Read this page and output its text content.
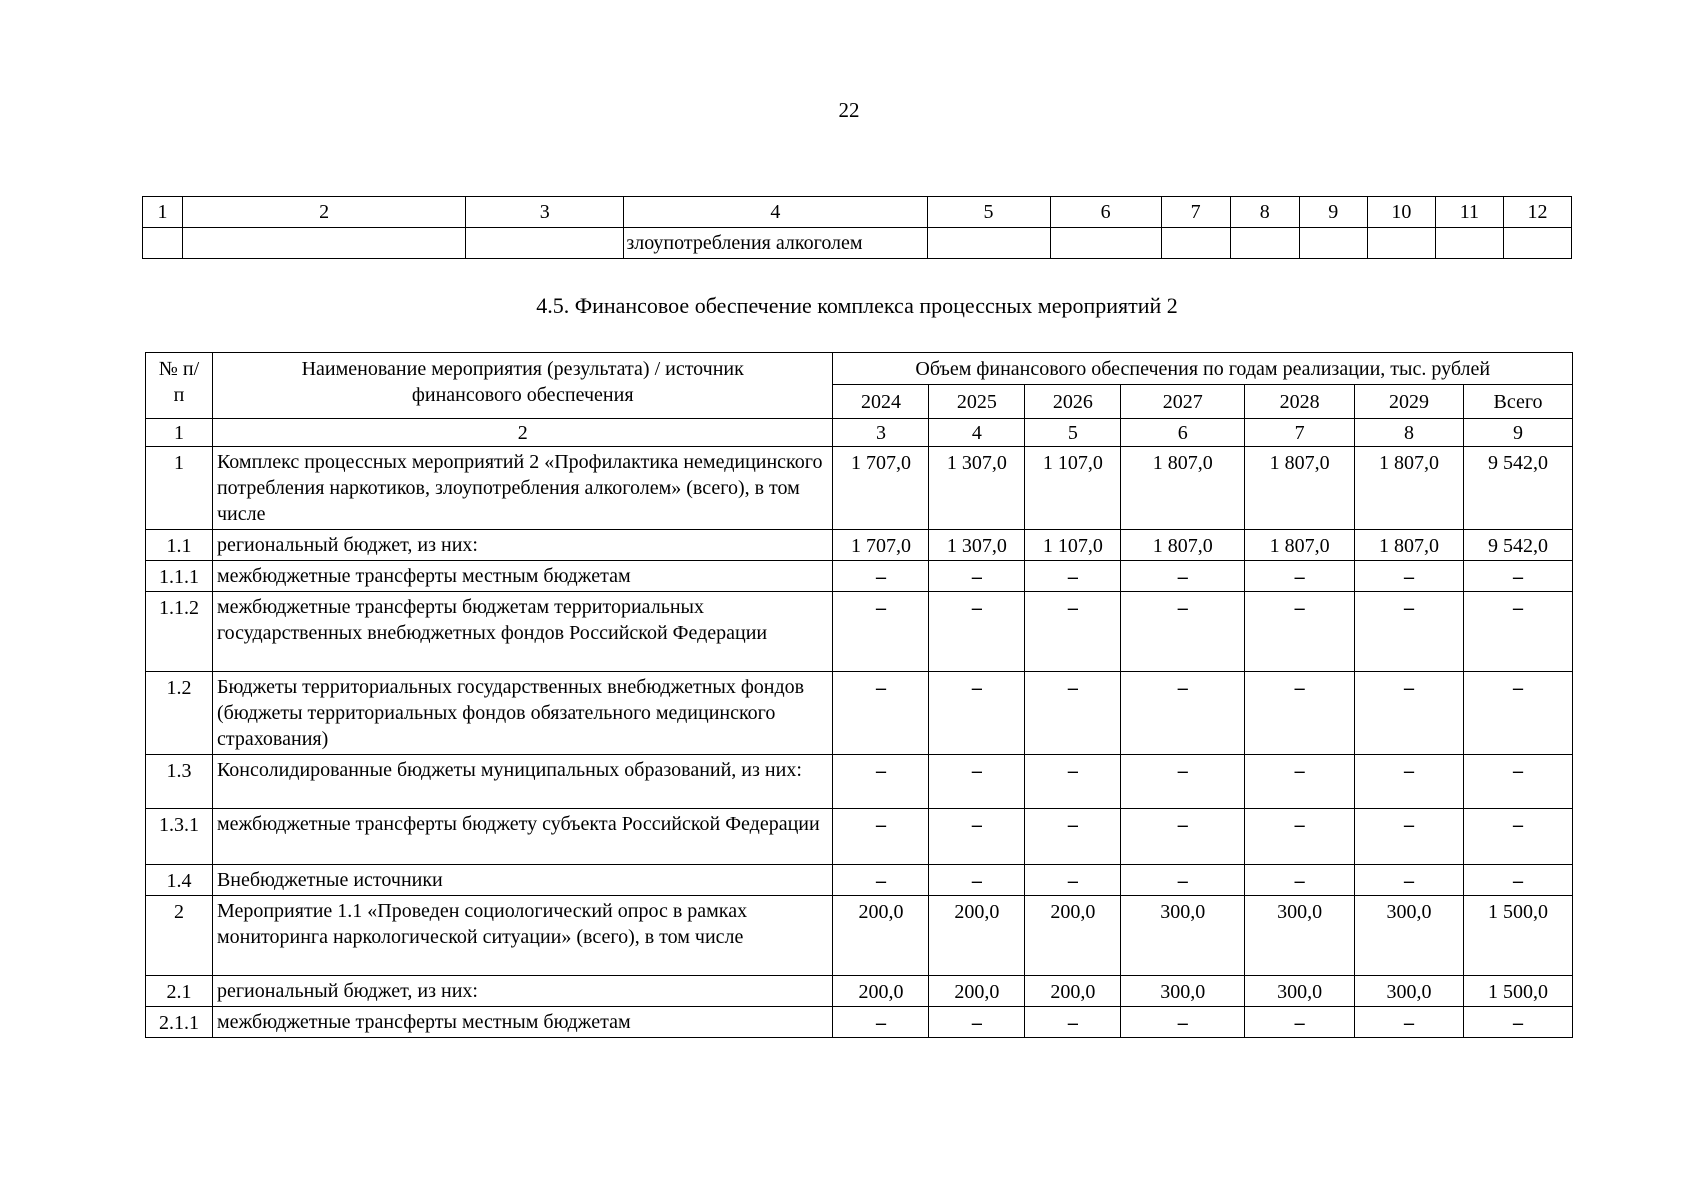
22
1	2	3	4	5	6	7	8	9	10	11	12
			злоупотребления алкоголем								
4.5. Финансовое обеспечение комплекса процессных мероприятий 2
№ п/п	Наименование мероприятия (результата) / источник финансового обеспечения	Объем финансового обеспечения по годам реализации, тыс. рублей						
		2024	2025	2026	2027	2028	2029	Всего
1	2	3	4	5	6	7	8	9
1	Комплекс процессных мероприятий 2 «Профилактика немедицинского потребления наркотиков, злоупотребления алкоголем» (всего), в том числе	1 707,0	1 307,0	1 107,0	1 807,0	1 807,0	1 807,0	9 542,0
1.1	региональный бюджет, из них:	1 707,0	1 307,0	1 107,0	1 807,0	1 807,0	1 807,0	9 542,0
1.1.1	межбюджетные трансферты местным бюджетам	–	–	–	–	–	–	–
1.1.2	межбюджетные трансферты бюджетам территориальных государственных внебюджетных фондов Российской Федерации	–	–	–	–	–	–	–
1.2	Бюджеты территориальных государственных внебюджетных фондов (бюджеты территориальных фондов обязательного медицинского страхования)	–	–	–	–	–	–	–
1.3	Консолидированные бюджеты муниципальных образований, из них:	–	–	–	–	–	–	–
1.3.1	межбюджетные трансферты бюджету субъекта Российской Федерации	–	–	–	–	–	–	–
1.4	Внебюджетные источники	–	–	–	–	–	–	–
2	Мероприятие 1.1 «Проведен социологический опрос в рамках мониторинга наркологической ситуации» (всего), в том числе	200,0	200,0	200,0	300,0	300,0	300,0	1 500,0
2.1	региональный бюджет, из них:	200,0	200,0	200,0	300,0	300,0	300,0	1 500,0
2.1.1	межбюджетные трансферты местным бюджетам	–	–	–	–	–	–	–
